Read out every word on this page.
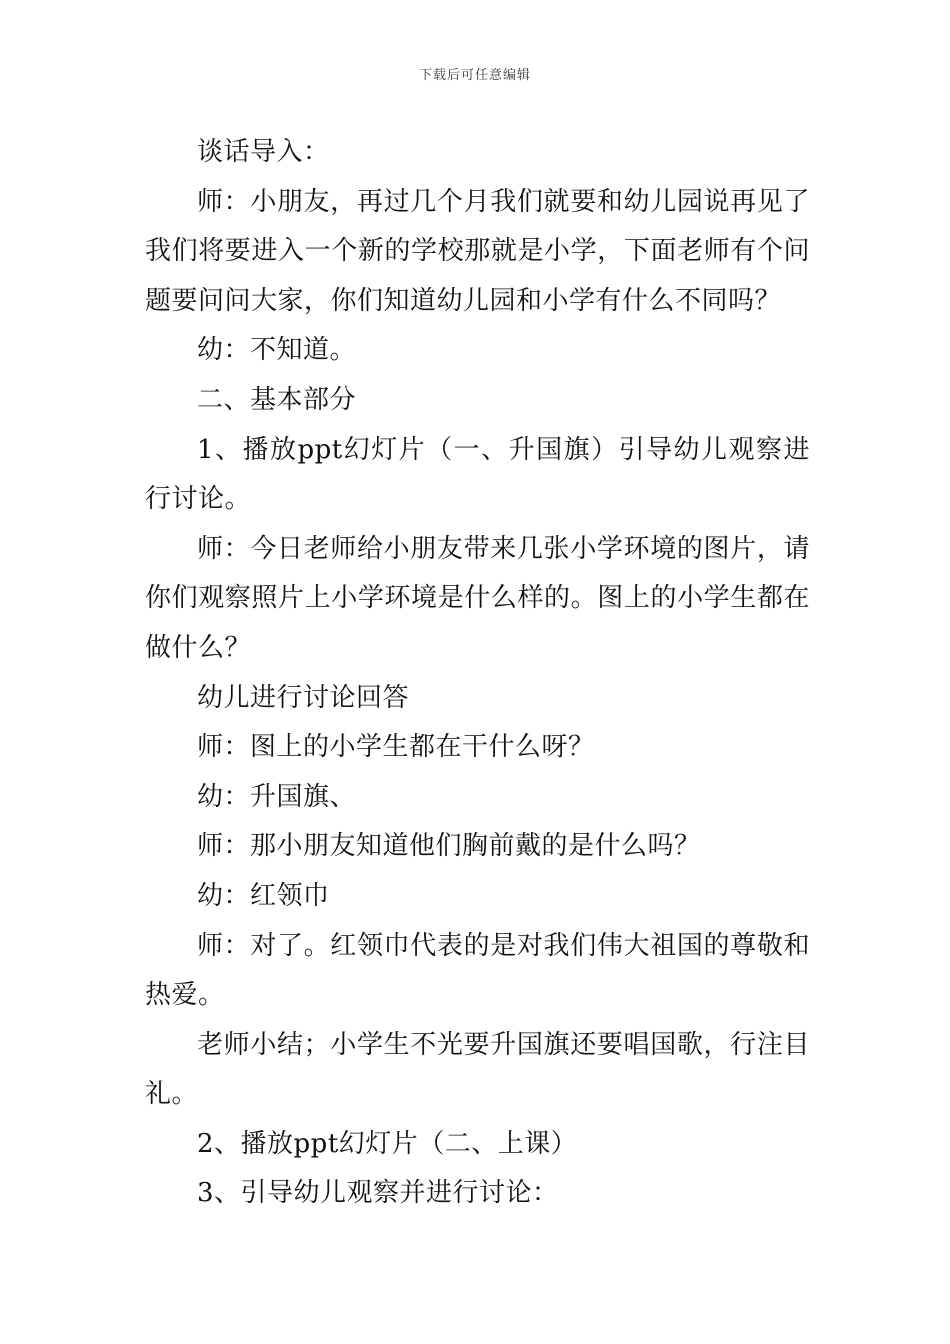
下载后可任意编辑

谈话导入：

师：小朋友，再过几个月我们就要和幼儿园说再见了我们将要进入一个新的学校那就是小学，下面老师有个问题要问问大家，你们知道幼儿园和小学有什么不同吗？

幼：不知道。

二、基本部分

1、播放ppt幻灯片（一、升国旗）引导幼儿观察进行讨论。

师：今日老师给小朋友带来几张小学环境的图片，请你们观察照片上小学环境是什么样的。图上的小学生都在做什么？

幼儿进行讨论回答

师：图上的小学生都在干什么呀？

幼：升国旗、

师：那小朋友知道他们胸前戴的是什么吗？

幼：红领巾

师：对了。红领巾代表的是对我们伟大祖国的尊敬和热爱。

老师小结；小学生不光要升国旗还要唱国歌，行注目礼。

2、播放ppt幻灯片（二、上课）

3、引导幼儿观察并进行讨论：
